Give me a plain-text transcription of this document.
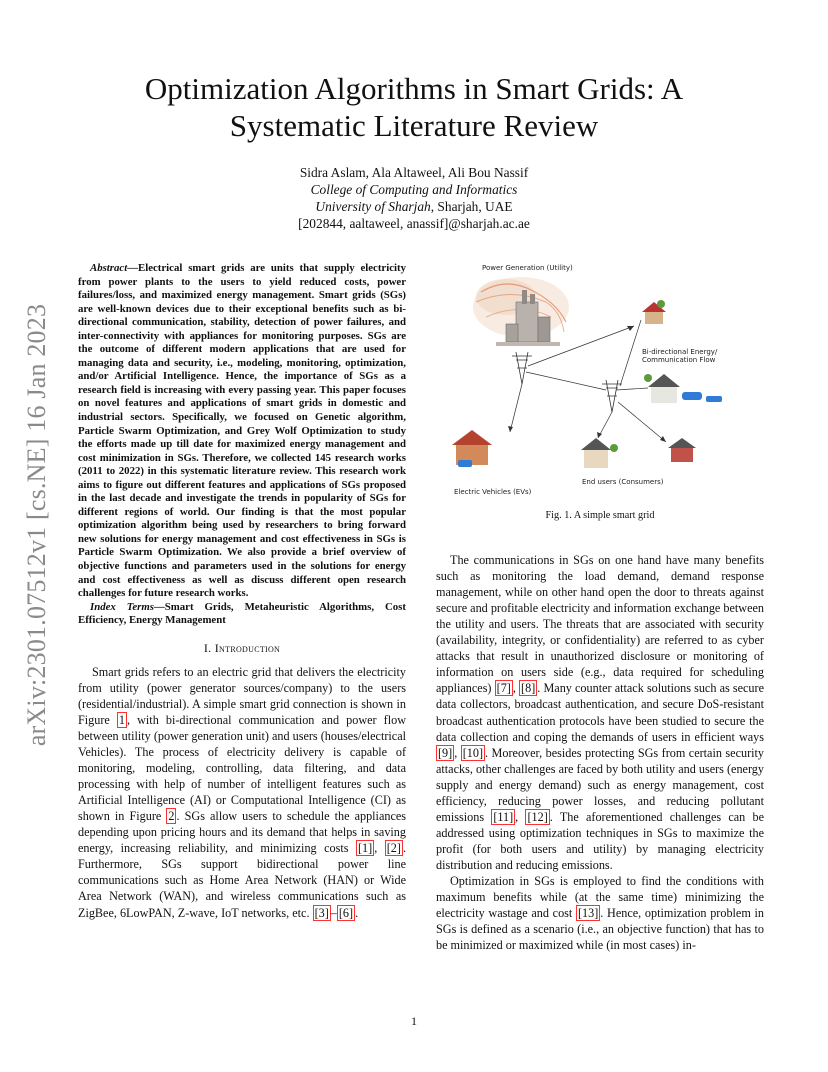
arXiv:2301.07512v1 [cs.NE] 16 Jan 2023
Optimization Algorithms in Smart Grids: A
Systematic Literature Review
Sidra Aslam, Ala Altaweel, Ali Bou Nassif
College of Computing and Informatics
University of Sharjah, Sharjah, UAE
[202844, aaltaweel, anassif]@sharjah.ac.ae

Abstract—Electrical smart grids are units that supply electricity from power plants to the users to yield reduced costs, power failures/loss, and maximized energy management. Smart grids (SGs) are well-known devices due to their exceptional benefits such as bi-directional communication, stability, detection of power failures, and inter-connectivity with appliances for monitoring purposes. SGs are the outcome of different modern applications that are used for managing data and security, i.e., modeling, monitoring, optimization, and/or Artificial Intelligence. Hence, the importance of SGs as a research field is increasing with every passing year. This paper focuses on novel features and applications of smart grids in domestic and industrial sectors. Specifically, we focused on Genetic algorithm, Particle Swarm Optimization, and Grey Wolf Optimization to study the efforts made up till date for maximized energy management and cost minimization in SGs. Therefore, we collected 145 research works (2011 to 2022) in this systematic literature review. This research work aims to figure out different features and applications of SGs proposed in the last decade and investigate the trends in popularity of SGs for different regions of world. Our finding is that the most popular optimization algorithm being used by researchers to bring forward new solutions for energy management and cost effectiveness in SGs is Particle Swarm Optimization. We also provide a brief overview of objective functions and parameters used in the solutions for energy and cost effectiveness as well as discuss different open research challenges for future research works.

Index Terms—Smart Grids, Metaheuristic Algorithms, Cost Efficiency, Energy Management

I. Introduction

Smart grids refers to an electric grid that delivers the electricity from utility (power generator sources/company) to the users (residential/industrial). A simple smart grid connection is shown in Figure 1 , with bi-directional communication and power flow between utility (power generation unit) and users (houses/electrical Vehicles). The process of electricity delivery is capable of monitoring, modeling, controlling, data filtering, and data processing with help of number of intelligent features such as Artificial Intelligence (AI) or Computational Intelligence (CI) as shown in Figure 2 . SGs allow users to schedule the appliances depending upon pricing hours and its demand that helps in saving energy, increasing reliability, and minimizing costs [1] , [2] . Furthermore, SGs support bidirectional power line communications such as Home Area Network (HAN) or Wide Area Network (WAN), and wireless communications such as ZigBee, 6LowPAN, Z-wave, IoT networks, etc. [3] – [6] .

Power Generation (Utility)
Bi-directional Energy/
Communication Flow
End users (Consumers)
Electric Vehicles (EVs)
Fig. 1. A simple smart grid

The communications in SGs on one hand have many benefits such as monitoring the load demand, demand response management, while on other hand open the door to threats against secure and profitable electricity and information exchange between the utility and users. The threats that are associated with security (availability, integrity, or confidentiality) are referred to as cyber attacks that result in unauthorized disclosure or monitoring of information on users side (e.g., data required for scheduling appliances) [7] , [8] . Many counter attack solutions such as secure data collectors, broadcast authentication, and secure DoS-resistant broadcast authentication protocols have been studied to secure the data collection and coping the demands of users in efficient ways [9] , [10] . Moreover, besides protecting SGs from certain security attacks, other challenges are faced by both utility and users (energy supply and energy demand) such as energy management, cost efficiency, reducing power losses, and reducing pollutant emissions [11] , [12] . The aforementioned challenges can be addressed using optimization techniques in SGs to maximize the profit (for both users and utility) by managing electricity distribution and reducing emissions.

Optimization in SGs is employed to find the conditions with maximum benefits while (at the same time) minimizing the electricity wastage and cost [13] . Hence, optimization problem in SGs is defined as a scenario (i.e., an objective function) that has to be minimized or maximized while (in most cases) in-

1
